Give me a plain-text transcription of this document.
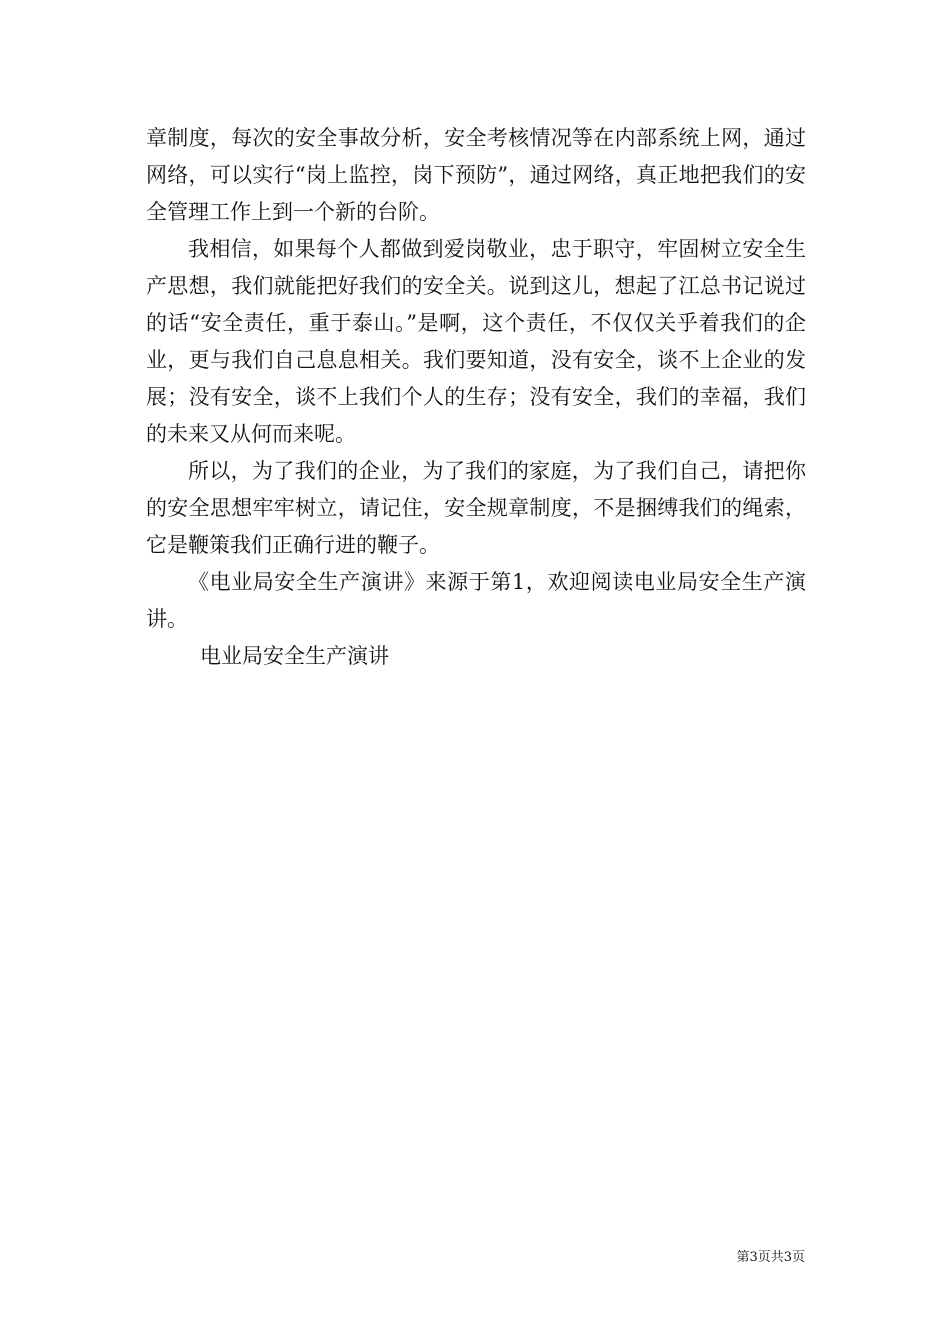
章制度，每次的安全事故分析，安全考核情况等在内部系统上网，通过网络，可以实行“岗上监控，岗下预防”，通过网络，真正地把我们的安全管理工作上到一个新的台阶。

我相信，如果每个人都做到爱岗敬业，忠于职守，牢固树立安全生产思想，我们就能把好我们的安全关。说到这儿，想起了江总书记说过的话“安全责任，重于泰山。”是啊，这个责任，不仅仅关乎着我们的企业，更与我们自己息息相关。我们要知道，没有安全，谈不上企业的发展；没有安全，谈不上我们个人的生存；没有安全，我们的幸福，我们的未来又从何而来呢。

所以，为了我们的企业，为了我们的家庭，为了我们自己，请把你的安全思想牢牢树立，请记住，安全规章制度，不是捆缚我们的绳索，它是鞭策我们正确行进的鞭子。

《电业局安全生产演讲》来源于第1，欢迎阅读电业局安全生产演讲。

电业局安全生产演讲

第3页共3页
